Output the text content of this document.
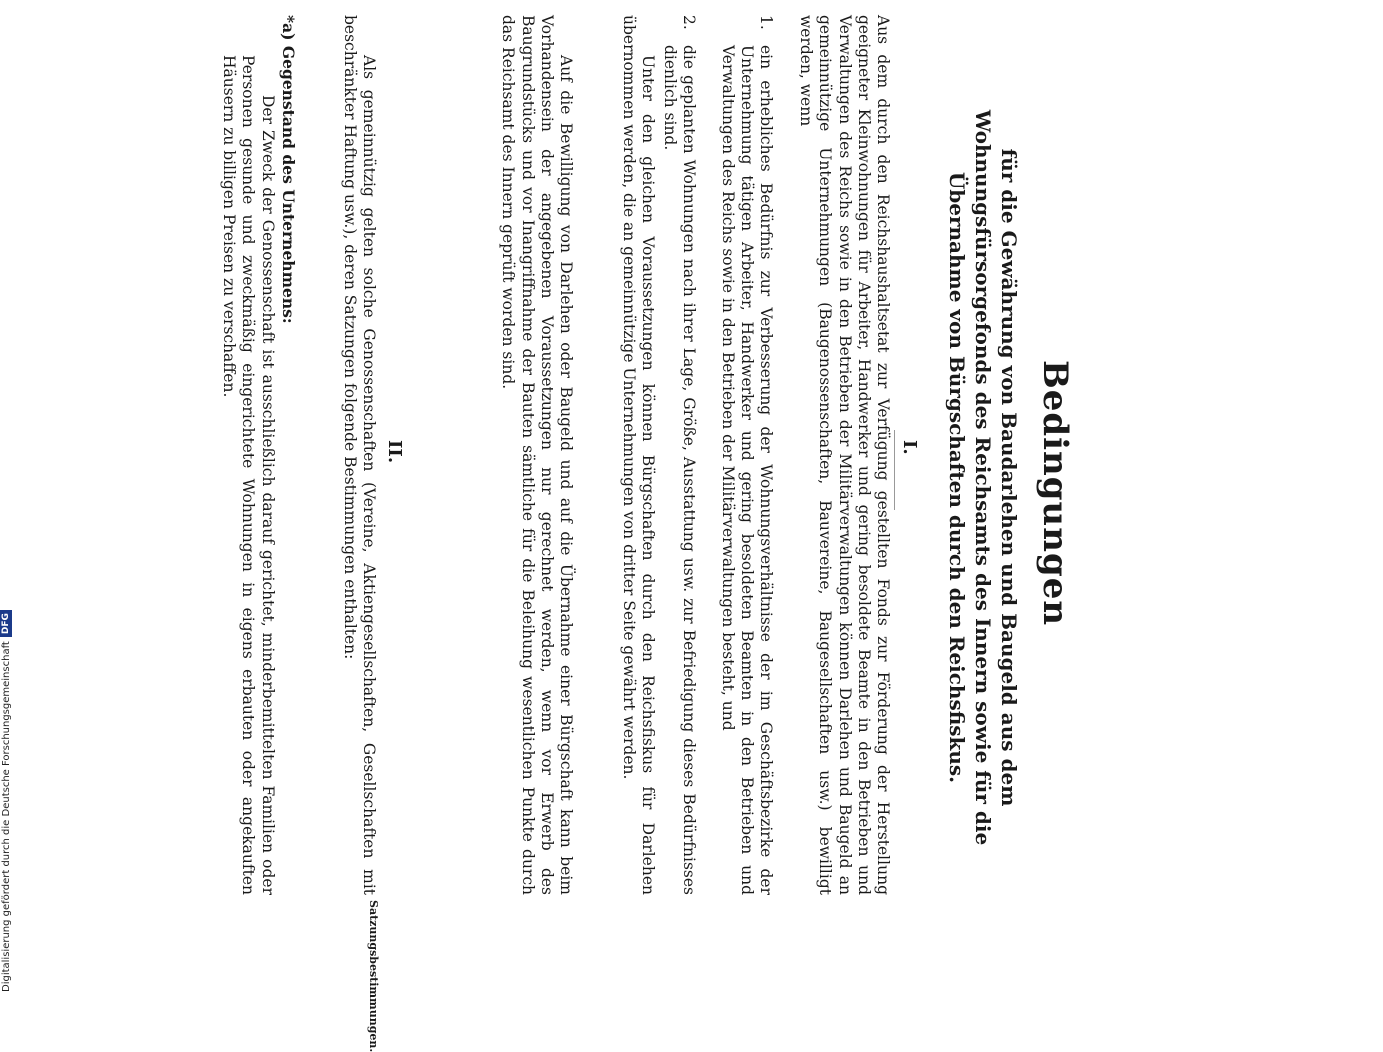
Bedingungen
für die Gewährung von Baudarlehen und Baugeld aus dem Wohnungsfürsorgefonds des Reichsamts des Innern sowie für die Übernahme von Bürgschaften durch den Reichsfiskus.
I.
Aus dem durch den Reichshaushaltsetat zur Verfügung gestellten Fonds zur Förderung der Herstellung geeigneter Kleinwohnungen für Arbeiter, Handwerker und gering besoldete Beamte in den Betrieben und Verwaltungen des Reichs sowie in den Betrieben der Militärverwaltungen können Darlehen und Baugeld an gemeinnützige Unternehmungen (Baugenossenschaften, Bauvereine, Baugesellschaften usw.) bewilligt werden, wenn
1.
ein erhebliches Bedürfnis zur Verbesserung der Wohnungsverhältnisse der im Geschäftsbezirke der Unternehmung tätigen Arbeiter, Handwerker und gering besoldeten Beamten in den Betrieben und Verwaltungen des Reichs sowie in den Betrieben der Militärverwaltungen besteht, und
2.
die geplanten Wohnungen nach ihrer Lage, Größe, Ausstattung usw. zur Befriedigung dieses Bedürfnisses dienlich sind.
Unter den gleichen Voraussetzungen können Bürgschaften durch den Reichsfiskus für Darlehen übernommen werden, die an gemeinnützige Unternehmungen von dritter Seite gewährt werden.
Auf die Bewilligung von Darlehen oder Baugeld und auf die Übernahme einer Bürgschaft kann beim Vorhandensein der angegebenen Voraussetzungen nur gerechnet werden, wenn vor Erwerb des Baugrundstücks und vor Inangriffnahme der Bauten sämtliche für die Beleihung wesentlichen Punkte durch das Reichsamt des Innern geprüft worden sind.
II.
Als gemeinnützig gelten solche Genossenschaften (Vereine, Aktiengesellschaften, Gesellschaften mit beschränkter Haftung usw.), deren Satzungen folgende Bestimmungen enthalten:
*a) Gegenstand des Unternehmens:
Der Zweck der Genossenschaft ist ausschließlich darauf gerichtet, minderbemittelten Familien oder Personen gesunde und zweckmäßig eingerichtete Wohnungen in eigens erbauten oder angekauften Häusern zu billigen Preisen zu verschaffen.
Satzungsbestimmungen.
Digitalisierung gefördert durch die Deutsche ForschungsgemeinschaftDFG
